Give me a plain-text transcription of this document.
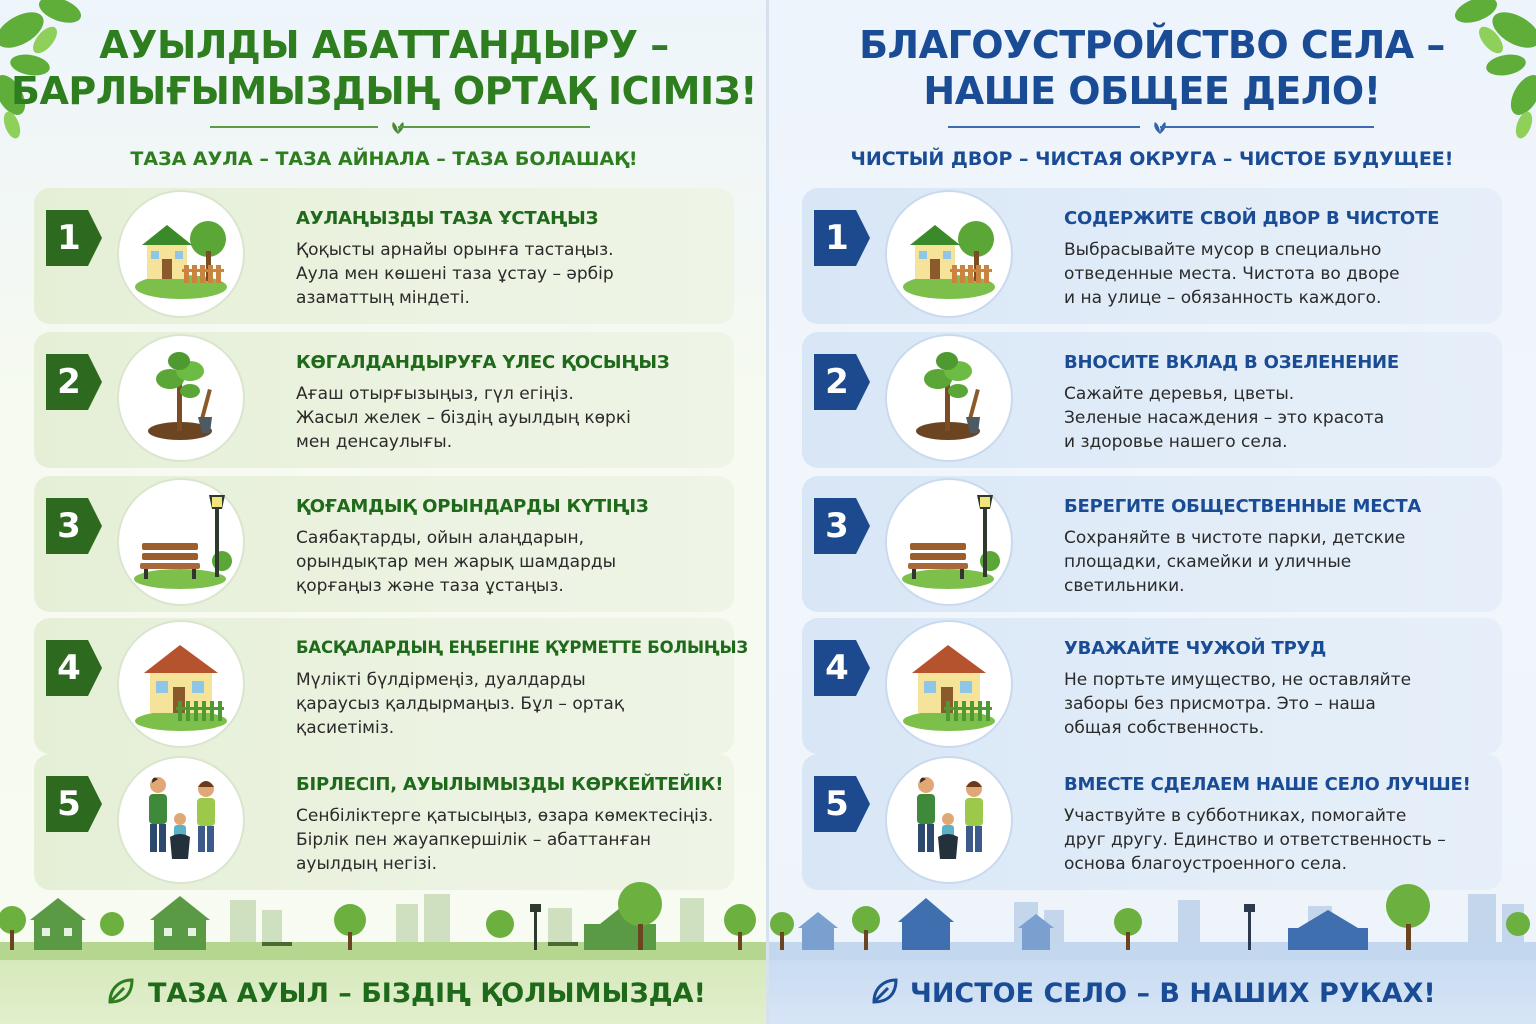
АУЫЛДЫ АБАТТАНДЫРУ –
БАРЛЫҒЫМЫЗДЫҢ ОРТАҚ ІСІМІЗ!
ТАЗА АУЛА – ТАЗА АЙНАЛА – ТАЗА БОЛАШАҚ!
1	АУЛАҢЫЗДЫ ТАЗА ҰСТАҢЫЗ
Қоқысты арнайы орынға тастаңыз.
Аула мен көшені таза ұстау – әрбір
азаматтың міндеті.
2	КӨГАЛДАНДЫРУҒА ҮЛЕС ҚОСЫҢЫЗ
Ағаш отырғызыңыз, гүл егіңіз.
Жасыл желек – біздің ауылдың көркі
мен денсаулығы.
3	ҚОҒАМДЫҚ ОРЫНДАРДЫ КҮТІҢІЗ
Саябақтарды, ойын алаңдарын,
орындықтар мен жарық шамдарды
қорғаңыз және таза ұстаңыз.
4
БАСҚАЛАРДЫҢ ЕҢБЕГІНЕ ҚҰРМЕТТЕ БОЛЫҢЫЗ
Мүлікті бүлдірмеңіз, дуалдарды
қараусыз қалдырмаңыз. Бұл – ортақ
қасиетіміз.
5	БІРЛЕСІП, АУЫЛЫМЫЗДЫ КӨРКЕЙТЕЙІК!
Сенбіліктерге қатысыңыз, өзара көмектесіңіз.
Бірлік пен жауапкершілік – абаттанған
ауылдың негізі.
ТАЗА АУЫЛ – БІЗДІҢ ҚОЛЫМЫЗДА!
БЛАГОУСТРОЙСТВО СЕЛА –
НАШЕ ОБЩЕЕ ДЕЛО!
ЧИСТЫЙ ДВОР – ЧИСТАЯ ОКРУГА – ЧИСТОЕ БУДУЩЕЕ!
1	СОДЕРЖИТЕ СВОЙ ДВОР В ЧИСТОТЕ
Выбрасывайте мусор в специально
отведенные места. Чистота во дворе
и на улице – обязанность каждого.
2	ВНОСИТЕ ВКЛАД В ОЗЕЛЕНЕНИЕ
Сажайте деревья, цветы.
Зеленые насаждения – это красота
и здоровье нашего села.
3	БЕРЕГИТЕ ОБЩЕСТВЕННЫЕ МЕСТА
Сохраняйте в чистоте парки, детские
площадки, скамейки и уличные
светильники.
4	УВАЖАЙТЕ ЧУЖОЙ ТРУД
Не портьте имущество, не оставляйте
заборы без присмотра. Это – наша
общая собственность.
5	ВМЕСТЕ СДЕЛАЕМ НАШЕ СЕЛО ЛУЧШЕ!
Участвуйте в субботниках, помогайте
друг другу. Единство и ответственность –
основа благоустроенного села.
ЧИСТОЕ СЕЛО – В НАШИХ РУКАХ!
